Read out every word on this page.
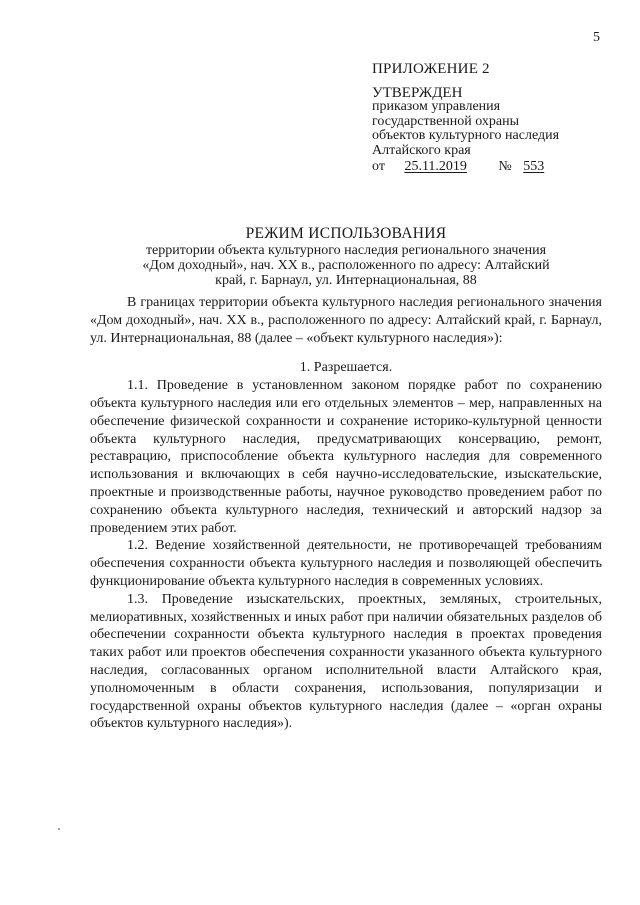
5
ПРИЛОЖЕНИЕ 2
УТВЕРЖДЕН
приказом управления
государственной охраны
объектов культурного наследия
Алтайского края
от 25.11.2019 № 553
РЕЖИМ ИСПОЛЬЗОВАНИЯ
территории объекта культурного наследия регионального значения
«Дом доходный», нач. XX в., расположенного по адресу: Алтайский
край, г. Барнаул, ул. Интернациональная, 88

В границах территории объекта культурного наследия регионального значения «Дом доходный», нач. XX в., расположенного по адресу: Алтайский край, г. Барнаул, ул. Интернациональная, 88 (далее – «объект культурного наследия»):

1. Разрешается.

1.1. Проведение в установленном законом порядке работ по сохранению объекта культурного наследия или его отдельных элементов – мер, направленных на обеспечение физической сохранности и сохранение историко-культурной ценности объекта культурного наследия, предусматривающих консервацию, ремонт, реставрацию, приспособление объекта культурного наследия для современного использования и включающих в себя научно-исследовательские, изыскательские, проектные и производственные работы, научное руководство проведением работ по сохранению объекта культурного наследия, технический и авторский надзор за проведением этих работ.

1.2. Ведение хозяйственной деятельности, не противоречащей требованиям обеспечения сохранности объекта культурного наследия и позволяющей обеспечить функционирование объекта культурного наследия в современных условиях.

1.3. Проведение изыскательских, проектных, земляных, строительных, мелиоративных, хозяйственных и иных работ при наличии обязательных разделов об обеспечении сохранности объекта культурного наследия в проектах проведения таких работ или проектов обеспечения сохранности указанного объекта культурного наследия, согласованных органом исполнительной власти Алтайского края, уполномоченным в области сохранения, использования, популяризации и государственной охраны объектов культурного наследия (далее – «орган охраны объектов культурного наследия»).
